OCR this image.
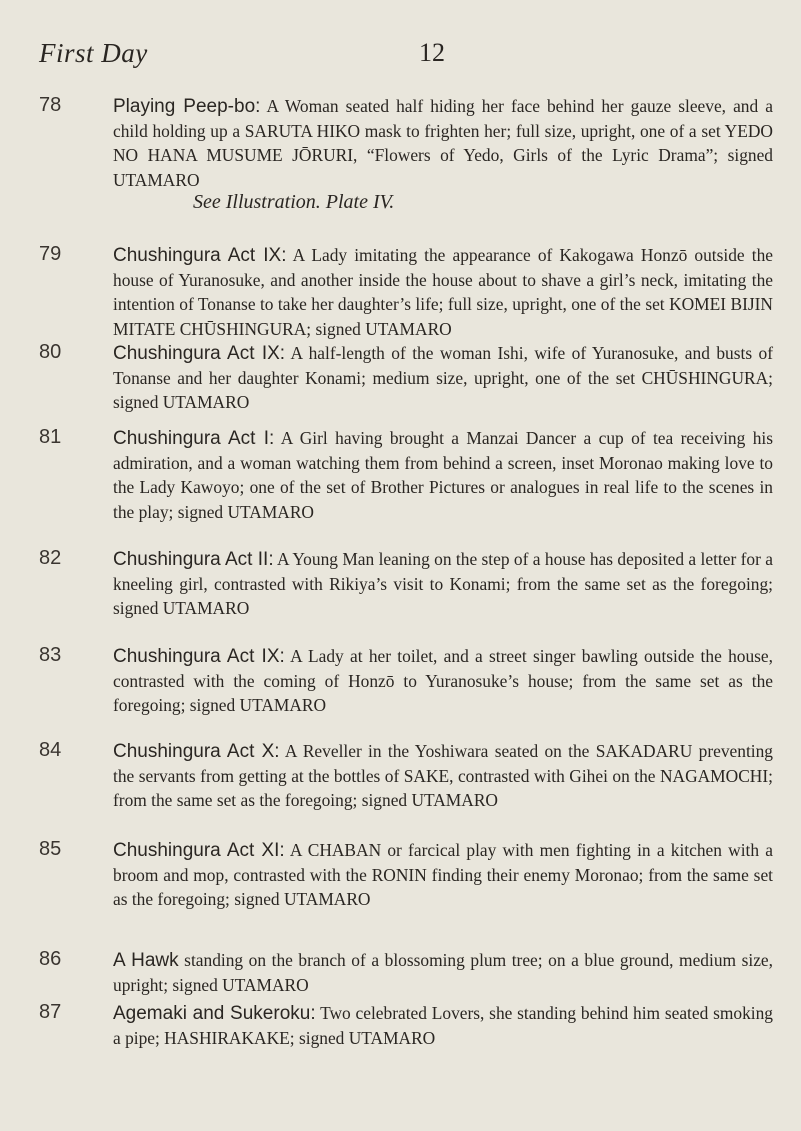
First Day	12
78	Playing Peep-bo: A Woman seated half hiding her face behind her gauze sleeve, and a child holding up a SARUTA HIKO mask to frighten her; full size, upright, one of a set YEDO NO HANA MUSUME JŌRURI, “Flowers of Yedo, Girls of the Lyric Drama”; signed UTAMARO
See Illustration. Plate IV.
79	Chushingura Act IX: A Lady imitating the appearance of Kakogawa Honzō outside the house of Yuranosuke, and another inside the house about to shave a girl’s neck, imitating the intention of Tonanse to take her daughter’s life; full size, upright, one of the set KOMEI BIJIN MITATE CHŪSHINGURA; signed UTAMARO
80	Chushingura Act IX: A half-length of the woman Ishi, wife of Yuranosuke, and busts of Tonanse and her daughter Konami; medium size, upright, one of the set CHŪSHINGURA; signed UTAMARO
81	Chushingura Act I: A Girl having brought a Manzai Dancer a cup of tea receiving his admiration, and a woman watching them from behind a screen, inset Moronao making love to the Lady Kawoyo; one of the set of Brother Pictures or analogues in real life to the scenes in the play; signed UTAMARO
82	Chushingura Act II: A Young Man leaning on the step of a house has deposited a letter for a kneeling girl, contrasted with Rikiya’s visit to Konami; from the same set as the foregoing; signed UTAMARO
83	Chushingura Act IX: A Lady at her toilet, and a street singer bawling outside the house, contrasted with the coming of Honzō to Yuranosuke’s house; from the same set as the foregoing; signed UTAMARO
84	Chushingura Act X: A Reveller in the Yoshiwara seated on the SAKADARU preventing the servants from getting at the bottles of SAKE, contrasted with Gihei on the NAGAMOCHI; from the same set as the foregoing; signed UTAMARO
85	Chushingura Act XI: A CHABAN or farcical play with men fighting in a kitchen with a broom and mop, contrasted with the RONIN finding their enemy Moronao; from the same set as the foregoing; signed UTAMARO
86	A Hawk standing on the branch of a blossoming plum tree; on a blue ground, medium size, upright; signed UTAMARO
87	Agemaki and Sukeroku: Two celebrated Lovers, she standing behind him seated smoking a pipe; HASHIRAKAKE; signed UTAMARO
